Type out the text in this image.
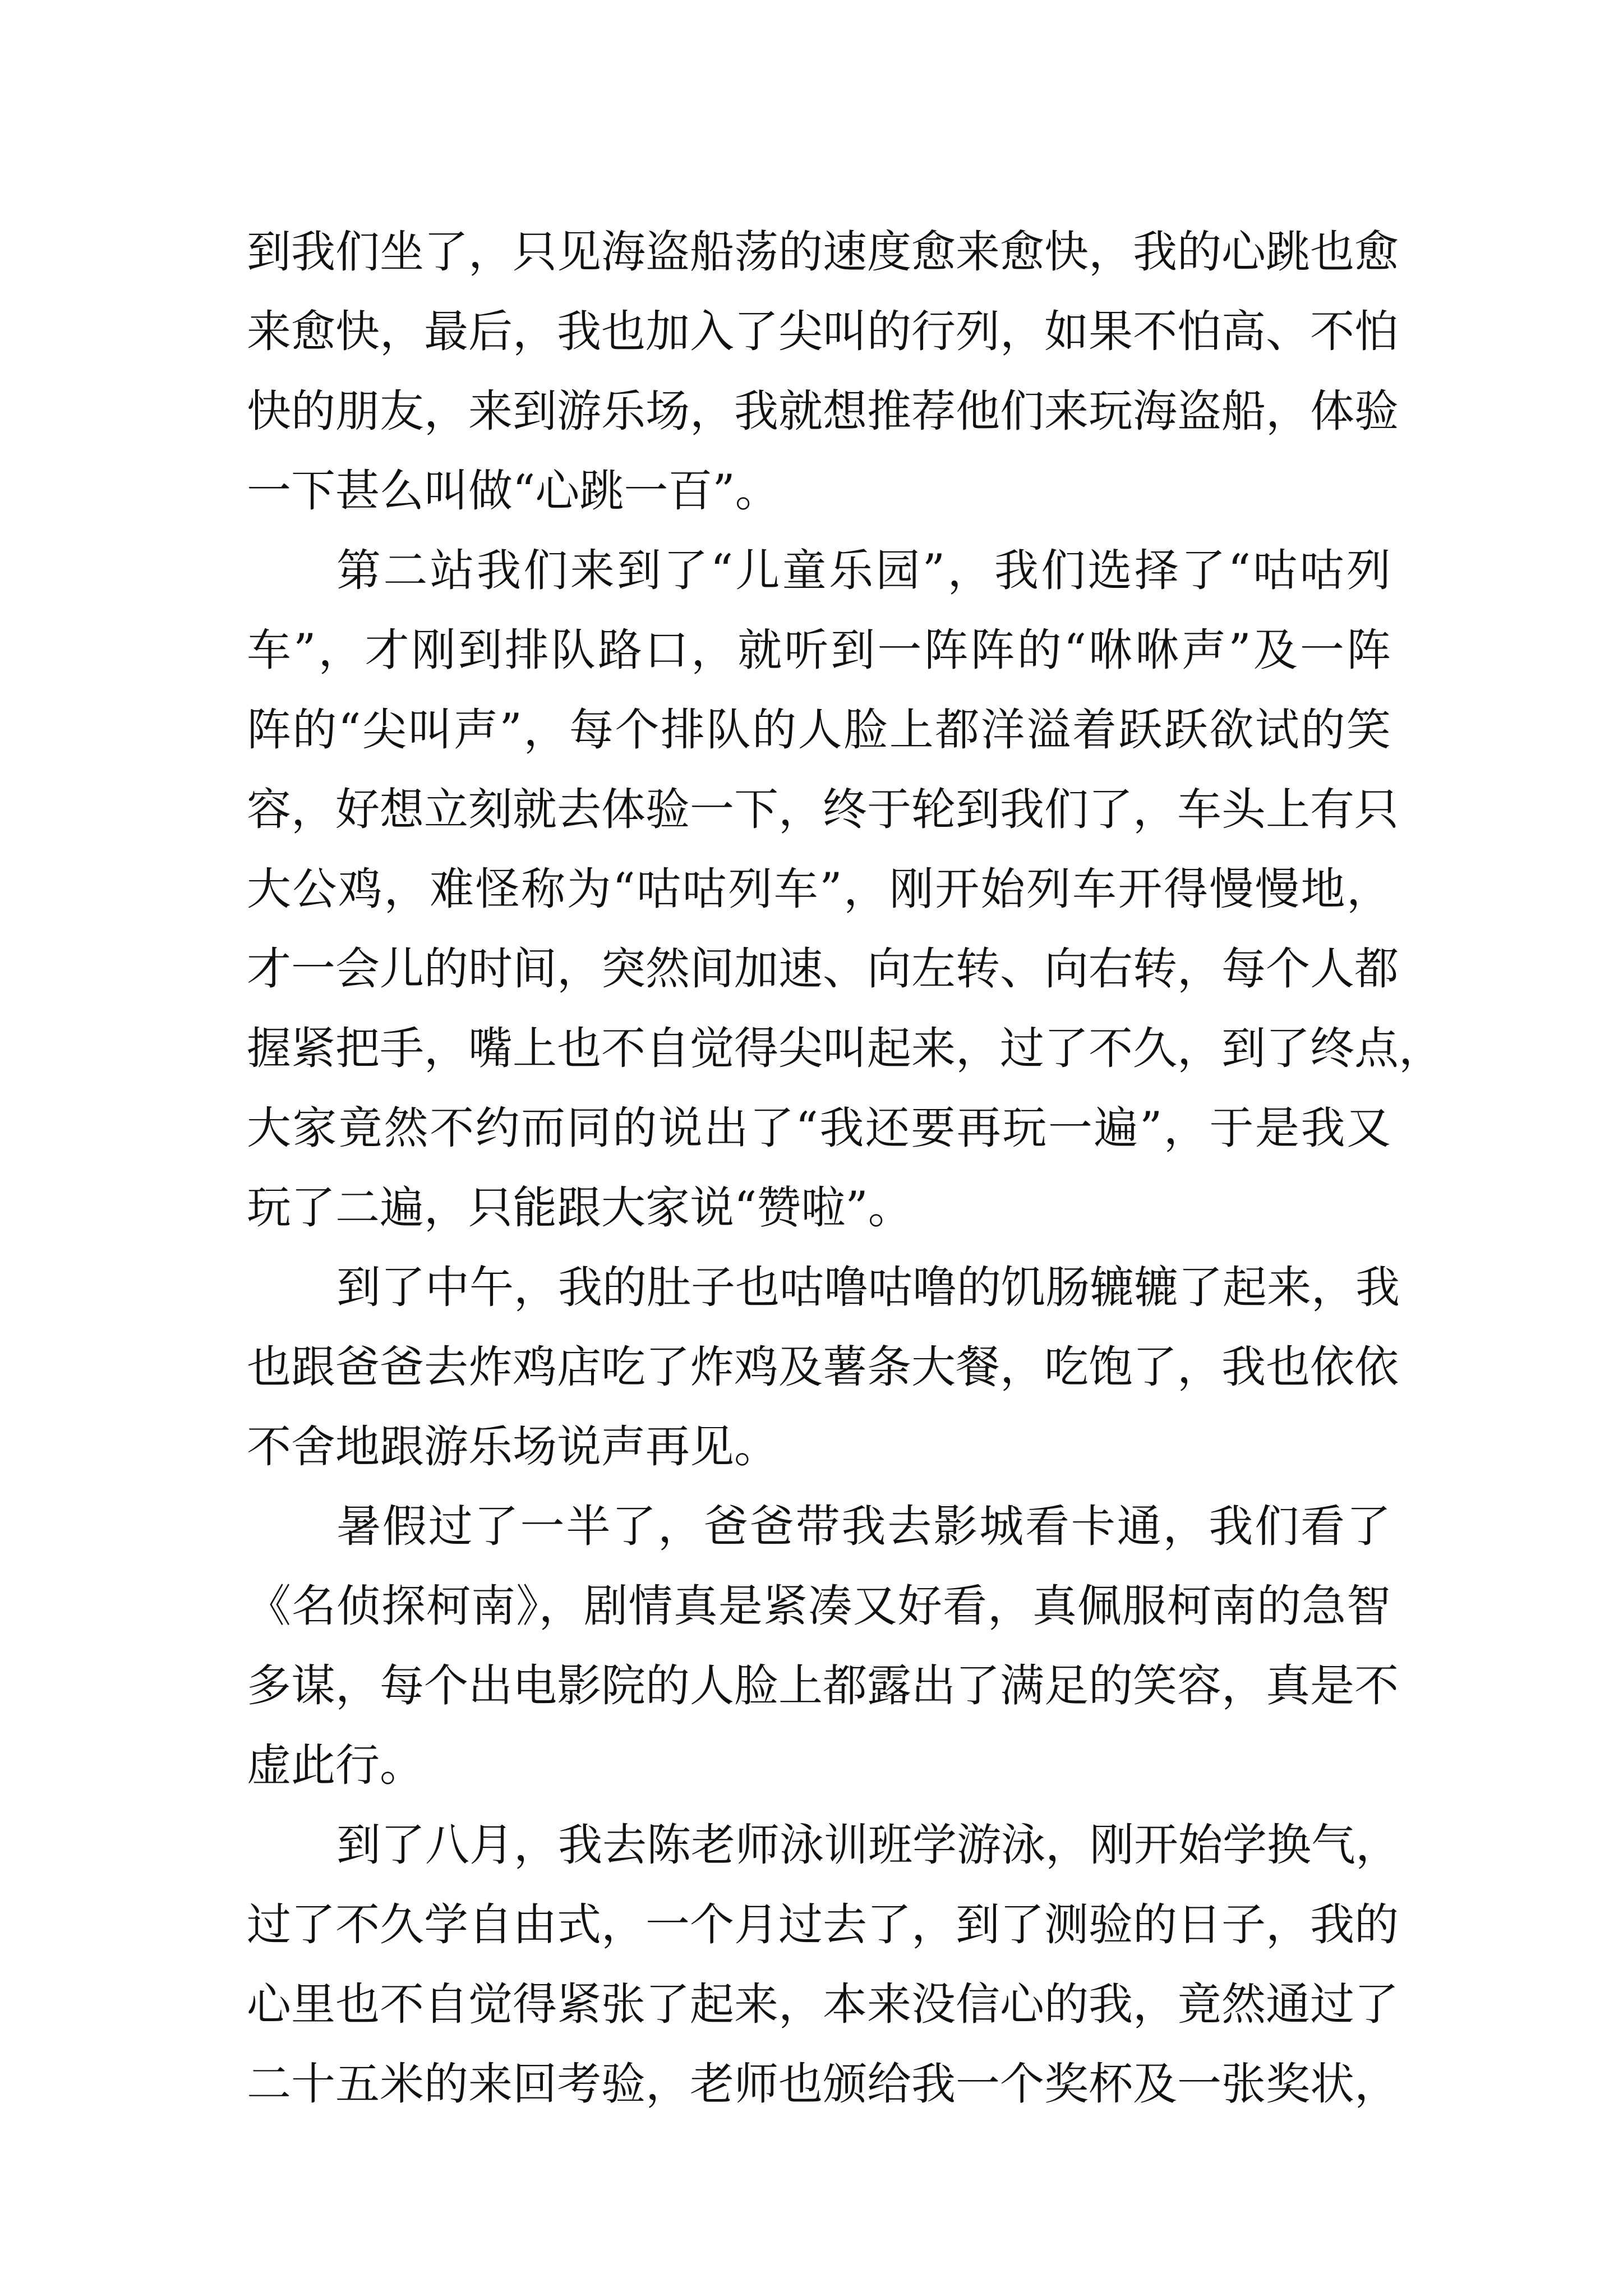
到我们坐了，只见海盗船荡的速度愈来愈快，我的心跳也愈
来愈快，最后，我也加入了尖叫的行列，如果不怕高、不怕
快的朋友，来到游乐场，我就想推荐他们来玩海盗船，体验
一下甚么叫做“心跳一百”。
第二站我们来到了“儿童乐园”，我们选择了“咕咕列
车”，才刚到排队路口，就听到一阵阵的“咻咻声”及一阵
阵的“尖叫声”，每个排队的人脸上都洋溢着跃跃欲试的笑
容，好想立刻就去体验一下，终于轮到我们了，车头上有只
大公鸡，难怪称为“咕咕列车”，刚开始列车开得慢慢地，
才一会儿的时间，突然间加速、向左转、向右转，每个人都
握紧把手，嘴上也不自觉得尖叫起来，过了不久，到了终点，
大家竟然不约而同的说出了“我还要再玩一遍”，于是我又
玩了二遍，只能跟大家说“赞啦”。
到了中午，我的肚子也咕噜咕噜的饥肠辘辘了起来，我
也跟爸爸去炸鸡店吃了炸鸡及薯条大餐，吃饱了，我也依依
不舍地跟游乐场说声再见。
暑假过了一半了，爸爸带我去影城看卡通，我们看了
《名侦探柯南》，剧情真是紧凑又好看，真佩服柯南的急智
多谋，每个出电影院的人脸上都露出了满足的笑容，真是不
虚此行。
到了八月，我去陈老师泳训班学游泳，刚开始学换气，
过了不久学自由式，一个月过去了，到了测验的日子，我的
心里也不自觉得紧张了起来，本来没信心的我，竟然通过了
二十五米的来回考验，老师也颁给我一个奖杯及一张奖状，
